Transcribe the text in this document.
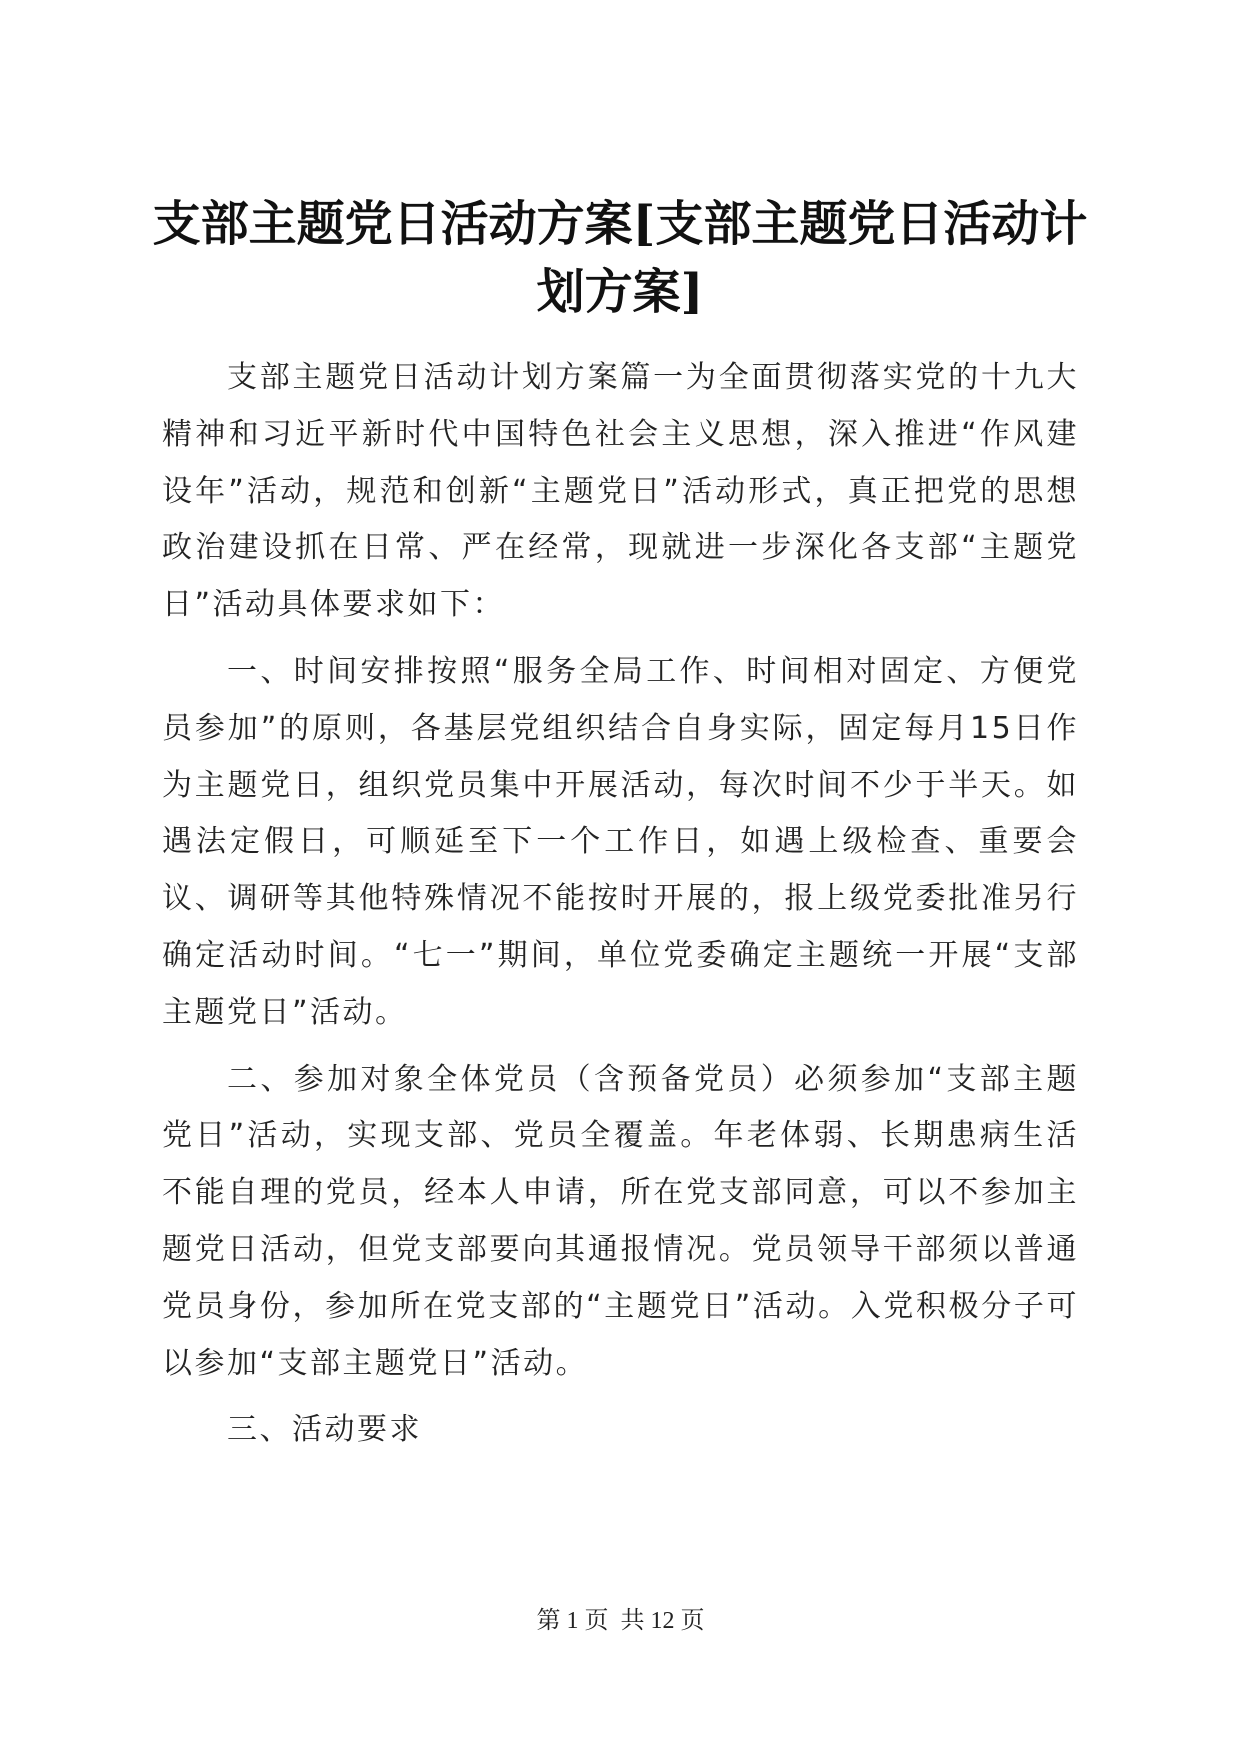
支部主题党日活动方案[支部主题党日活动计划方案]

支部主题党日活动计划方案篇一为全面贯彻落实党的十九大精神和习近平新时代中国特色社会主义思想，深入推进“作风建设年”活动，规范和创新“主题党日”活动形式，真正把党的思想政治建设抓在日常、严在经常，现就进一步深化各支部“主题党日”活动具体要求如下：

一、时间安排按照“服务全局工作、时间相对固定、方便党员参加”的原则，各基层党组织结合自身实际，固定每月15日作为主题党日，组织党员集中开展活动，每次时间不少于半天。如遇法定假日，可顺延至下一个工作日，如遇上级检查、重要会议、调研等其他特殊情况不能按时开展的，报上级党委批准另行确定活动时间。“七一”期间，单位党委确定主题统一开展“支部主题党日”活动。

二、参加对象全体党员（含预备党员）必须参加“支部主题党日”活动，实现支部、党员全覆盖。年老体弱、长期患病生活不能自理的党员，经本人申请，所在党支部同意，可以不参加主题党日活动，但党支部要向其通报情况。党员领导干部须以普通党员身份，参加所在党支部的“主题党日”活动。入党积极分子可以参加“支部主题党日”活动。

三、活动要求

第 1 页  共 12 页
